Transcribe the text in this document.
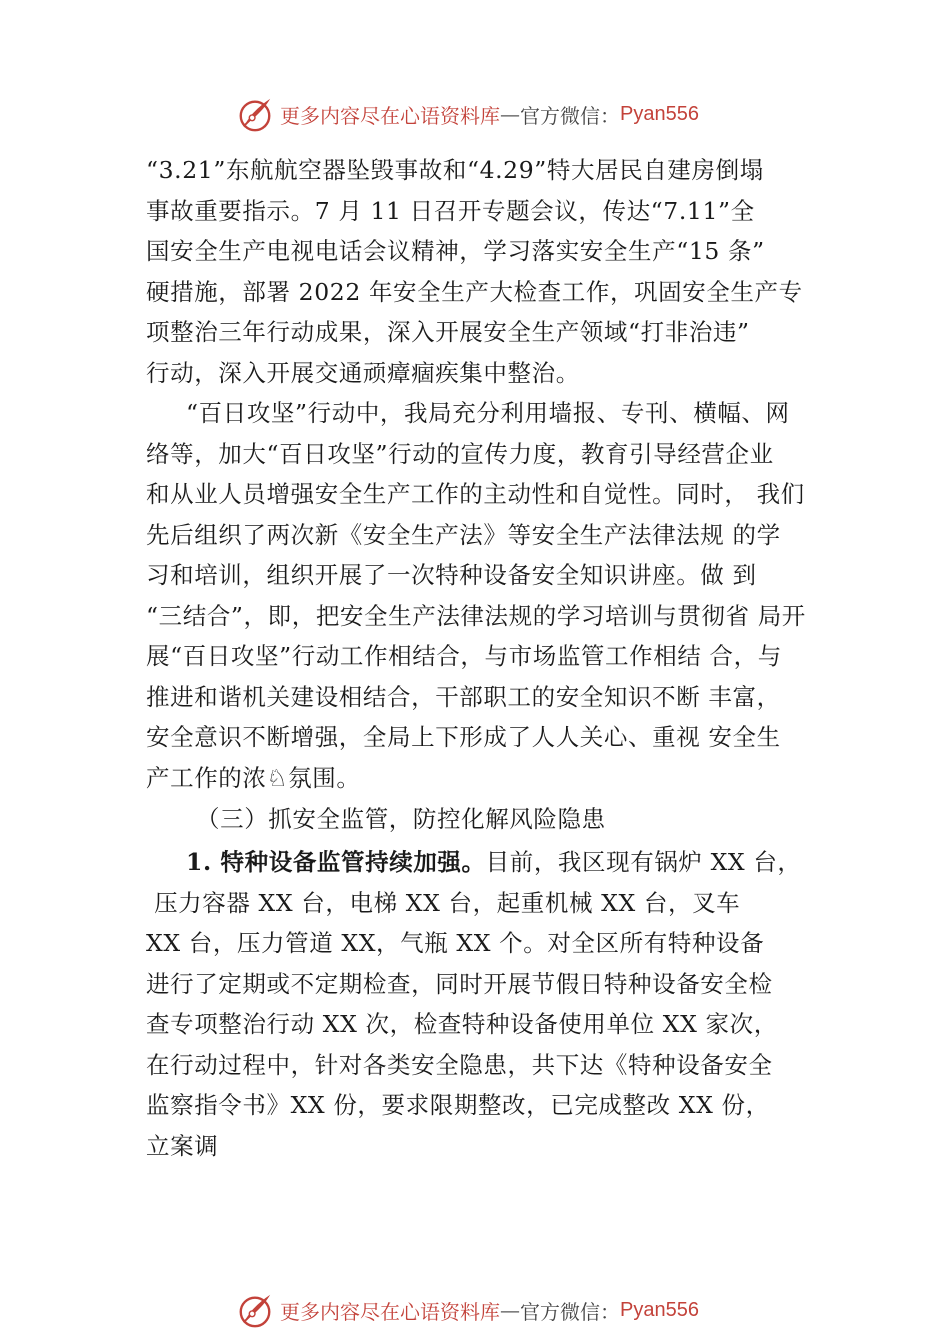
更多内容尽在心语资料库 — 官方微信： Pyan556

“3.21”东航航空器坠毁事故和“4.29”特大居民自建房倒塌

事故重要指示。7 月 11 日召开专题会议，传达“7.11”全

国安全生产电视电话会议精神，学习落实安全生产“15 条”

硬措施，部署 2022 年安全生产大检查工作，巩固安全生产专

项整治三年行动成果，深入开展安全生产领域“打非治违”

行动，深入开展交通顽瘴痼疾集中整治。

“百日攻坚”行动中，我局充分利用墙报、专刊、横幅、网

络等，加大“百日攻坚”行动的宣传力度，教育引导经营企业

和从业人员增强安全生产工作的主动性和自觉性。同时， 我们

先后组织了两次新《安全生产法》等安全生产法律法规 的学

习和培训，组织开展了一次特种设备安全知识讲座。做 到

“三结合”，即，把安全生产法律法规的学习培训与贯彻省 局开

展“百日攻坚”行动工作相结合，与市场监管工作相结 合，与

推进和谐机关建设相结合，干部职工的安全知识不断 丰富，

安全意识不断增强，全局上下形成了人人关心、重视 安全生

产工作的浓♘氛围。

（三）抓安全监管，防控化解风险隐患

1. 特种设备监管持续加强。目前，我区现有锅炉 XX 台，

压力容器 XX 台，电梯 XX 台，起重机械 XX 台，叉车

XX 台，压力管道 XX，气瓶 XX 个。对全区所有特种设备

进行了定期或不定期检查，同时开展节假日特种设备安全检

查专项整治行动 XX 次，检查特种设备使用单位 XX 家次，

在行动过程中，针对各类安全隐患，共下达《特种设备安全

监察指令书》XX 份，要求限期整改，已完成整改 XX 份，

立案调

更多内容尽在心语资料库 — 官方微信： Pyan556
